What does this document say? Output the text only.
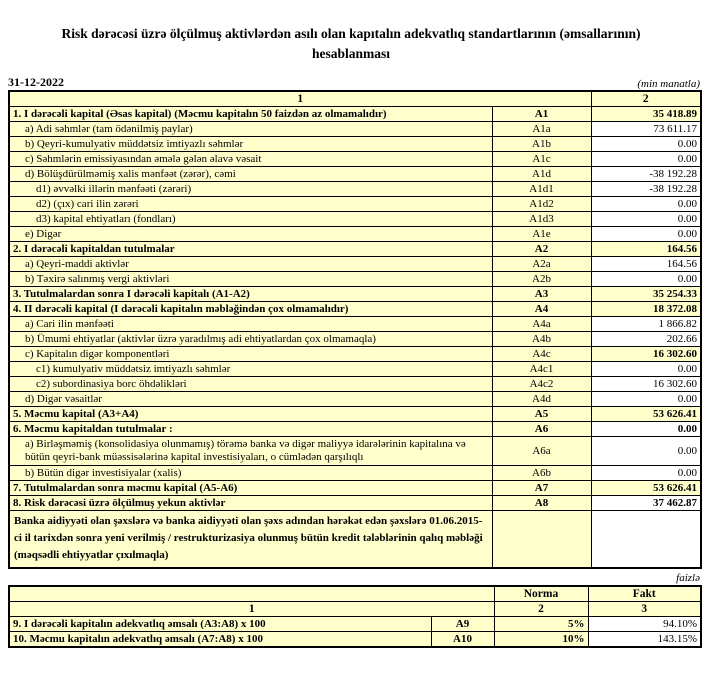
Risk dərəcəsi üzrə ölçülmuş aktivlərdən asılı olan kapıtalın adekvatlıq standartlarının (əmsallarının) hesablanması
31-12-2022	(min manatla)
1		2
1. I dərəcəli kapital (Əsas kapital) (Məcmu kapitalın 50 faizdən az olmamalıdır)	A1	35 418.89
a) Adi səhmlər (tam ödənilmiş paylar)	A1a	73 611.17
b) Qeyri-kumulyativ müddətsiz imtiyazlı səhmlər	A1b	0.00
c) Səhmlərin emissiyasından əmələ gələn əlavə vəsait	A1c	0.00
d) Bölüşdürülməmiş xalis mənfəət (zərər), cəmi	A1d	-38 192.28
d1) əvvəlki illərin mənfəəti (zərəri)	A1d1	-38 192.28
d2) (çıx) cari ilin zərəri	A1d2	0.00
d3) kapital ehtiyatları (fondları)	A1d3	0.00
e) Digər	A1e	0.00
2. I dərəcəli kapitaldan tutulmalar	A2	164.56
a) Qeyri-maddi aktivlər	A2a	164.56
b) Təxirə salınmış vergi aktivləri	A2b	0.00
3. Tutulmalardan sonra I dərəcəli kapitalı (A1-A2)	A3	35 254.33
4. II dərəcəli kapital (I dərəcəli kapitalın məbləğindən çox olmamalıdır)	A4	18 372.08
a) Cari ilin mənfəəti	A4a	1 866.82
b) Ümumi ehtiyatlar (aktivlər üzrə yaradılmış adi ehtiyatlardan çox olmamaqla)	A4b	202.66
c) Kapitalın digər komponentləri	A4c	16 302.60
c1) kumulyativ müddətsiz imtiyazlı səhmlər	A4c1	0.00
c2) subordinasiya borc öhdəlikləri	A4c2	16 302.60
d) Digər vəsaitlər	A4d	0.00
5. Məcmu kapital (A3+A4)	A5	53 626.41
6. Məcmu kapitaldan tutulmalar :	A6	0.00
a) Birləşməmiş (konsolidasiya olunmamış) törəmə banka və digər maliyyə idarələrinin kapitalına və bütün qeyri-bank müəssisələrinə kapital investisiyaları, o cümlədən qarşılıqlı	A6a	0.00
b) Bütün digər investisiyalar (xalis)	A6b	0.00
7. Tutulmalardan sonra məcmu kapital (A5-A6)	A7	53 626.41
8. Risk dərəcəsi üzrə ölçülmuş yekun aktivlər	A8	37 462.87
Banka aidiyyəti olan şəxslərə və banka aidiyyəti olan şəxs adından hərəkət edən şəxslərə 01.06.2015-ci il tarixdən sonra yeni verilmiş / restrukturizasiya olunmuş bütün kredit tələblərinin qalıq məbləği (məqsədli ehtiyyatlar çıxılmaqla)		
faizlə
		Norma	Fakt
1		2	3
9. I dərəcəli kapitalın adekvatlıq əmsalı (A3:A8) x 100	A9	5%	94.10%
10. Məcmu kapitalın adekvatlıq əmsalı (A7:A8) x 100	A10	10%	143.15%
